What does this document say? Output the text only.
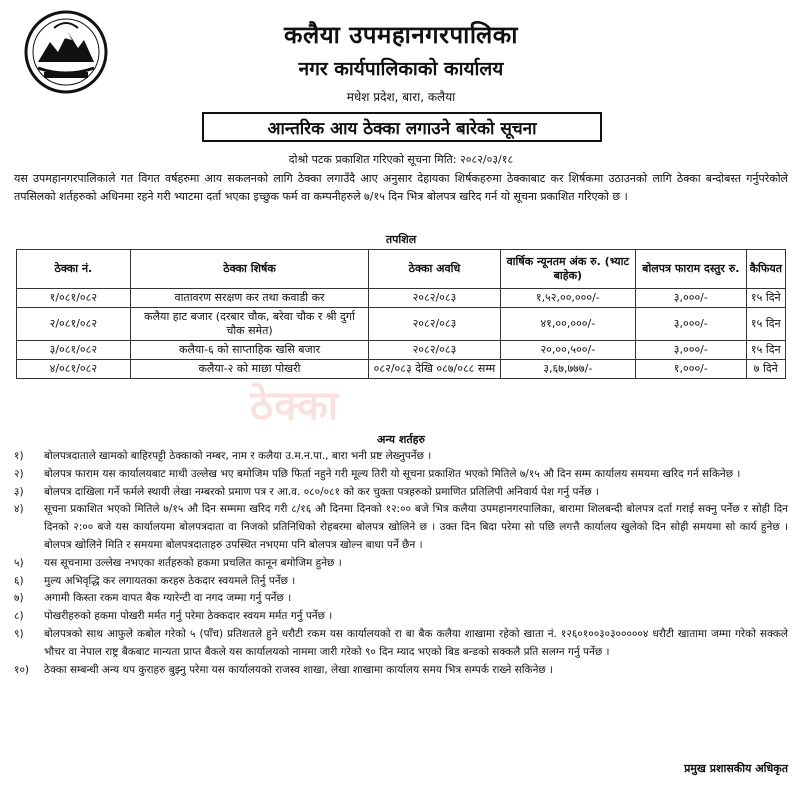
कलैया उपमहानगरपालिका
नगर कार्यपालिकाको कार्यालय
मधेश प्रदेश, बारा, कलैया
आन्तरिक आय ठेक्का लगाउने बारेको सूचना
दोश्रो पटक प्रकाशित गरिएको सूचना मिति: २०८२/०३/१८
यस उपमहानगरपालिकाले गत विगत वर्षहरुमा आय सकलनको लागि ठेक्का लगाउँदै आए अनुसार देहायका शिर्षकहरुमा ठेक्काबाट कर शिर्षकमा उठाउनको लागि ठेक्का बन्दोबस्त गर्नुपरेकोले तपसिलको शर्तहरुको अधिनमा रहने गरी भ्याटमा दर्ता भएका इच्छुक फर्म वा कम्पनीहरुले ७/१५ दिन भित्र बोलपत्र खरिद गर्न यो सूचना प्रकाशित गरिएको छ ।
तपशिल
ठेक्का नं.	ठेक्का शिर्षक	ठेक्का अवधि	वार्षिक न्यूनतम अंक रु. (भ्याट बाहेक)	बोलपत्र फाराम दस्तुर रु.	कैफियत
१/०८१/०८२	वातावरण सरक्षण कर तथा कवाडी कर	२०८२/०८३	१,५२,००,०००/-	३,०००/-	१५ दिने
२/०८१/०८२	कलैया हाट बजार (दरबार चौक, बरेवा चौक र श्री दुर्गा चौक समेत)	२०८२/०८३	४१,००,०००/-	३,०००/-	१५ दिन
३/०८१/०८२	कलैया-६ को साप्ताहिक खसि बजार	२०८२/०८३	२०,००,५००/-	३,०००/-	१५ दिन
४/०८१/०८२	कलैया-२ को माछा पोखरी	०८२/०८३ देखि ०८७/०८८ सम्म	३,६७,७७७/-	१,०००/-	७ दिने
ठेक्का
अन्य शर्तहरु
१)	बोलपत्रदाताले खामको बाहिरपट्टी ठेक्काको नम्बर, नाम र कलैया उ.म.न.पा., बारा भनी प्रष्ट लेख्नुपर्नेछ ।
२)	बोलपत्र फाराम यस कार्यालयबाट माथी उल्लेख भए बमोजिम पछि फिर्ता नहुने गरी मूल्य तिरी यो सूचना प्रकाशित भएको मितिले ७/१५ औ दिन सम्म कार्यालय समयमा खरिद गर्न सकिनेछ ।
३)	बोलपत्र दाखिला गर्ने फर्मले स्थायी लेखा नम्बरको प्रमाण पत्र र आ.व. ०८०/०८१ को कर चुक्ता पत्रहरुको प्रमाणित प्रतिलिपी अनिवार्य पेश गर्नु पर्नेछ ।
४)	सूचना प्रकाशित भएको मितिले ७/१५ औ दिन सम्ममा खरिद गरी ८/१६ औ दिनमा दिनको १२:०० बजे भित्र कलैया उपमहानगरपालिका, बारामा शिलबन्दी बोलपत्र दर्ता गराई सक्नु पर्नेछ र सोही दिन दिनको २:०० बजे यस कार्यालयमा बोलपत्रदाता वा निजको प्रतिनिधिको रोहबरमा बोलपत्र खोलिने छ । उक्त दिन बिदा परेमा सो पछि लगत्तै कार्यालय खुलेको दिन सोही समयमा सो कार्य हुनेछ । बोलपत्र खोलिने मिति र समयमा बोलपत्रदाताहरु उपस्थित नभएमा पनि बोलपत्र खोल्न बाधा पर्ने छैन ।
५)	यस सूचनामा उल्लेख नभएका शर्तहरुको हकमा प्रचलित कानून बमोजिम हुनेछ ।
६)	मुल्य अभिवृद्धि कर लगायतका करहरु ठेकदार स्वयमले तिर्नु पर्नेछ ।
७)	अगामी किस्ता रकम वापत बैक ग्यारेन्टी वा नगद जम्मा गर्नु पर्नेछ ।
८)	पोखरीहरुको हकमा पोखरी मर्मत गर्नु परेमा ठेक्कदार स्वयम मर्मत गर्नु पर्नेछ ।
९)	बोलपत्रको साथ आफुले कबोल गरेको ५ (पाँच) प्रतिशतले हुने धरौटी रकम यस कार्यालयको रा बा बैक कलैया शाखामा रहेको खाता नं. १२६०१००३०३०००००४ धरौटी खातामा जम्मा गरेको सक्कले भौचर वा नेपाल राष्ट्र बैकबाट मान्यता प्राप्त बैकले यस कार्यालयको नाममा जारी गरेको ९० दिन म्याद भएको बिड बन्डको सक्कलै प्रति सलग्न गर्नु पर्नेछ ।
१०)	ठेक्का सम्बन्धी अन्य थप कुराहरु बुझ्नु परेमा यस कार्यालयको राजस्व शाखा, लेखा शाखामा कार्यालय समय भित्र सम्पर्क राख्ने सकिनेछ ।
प्रमुख प्रशासकीय अधिकृत
